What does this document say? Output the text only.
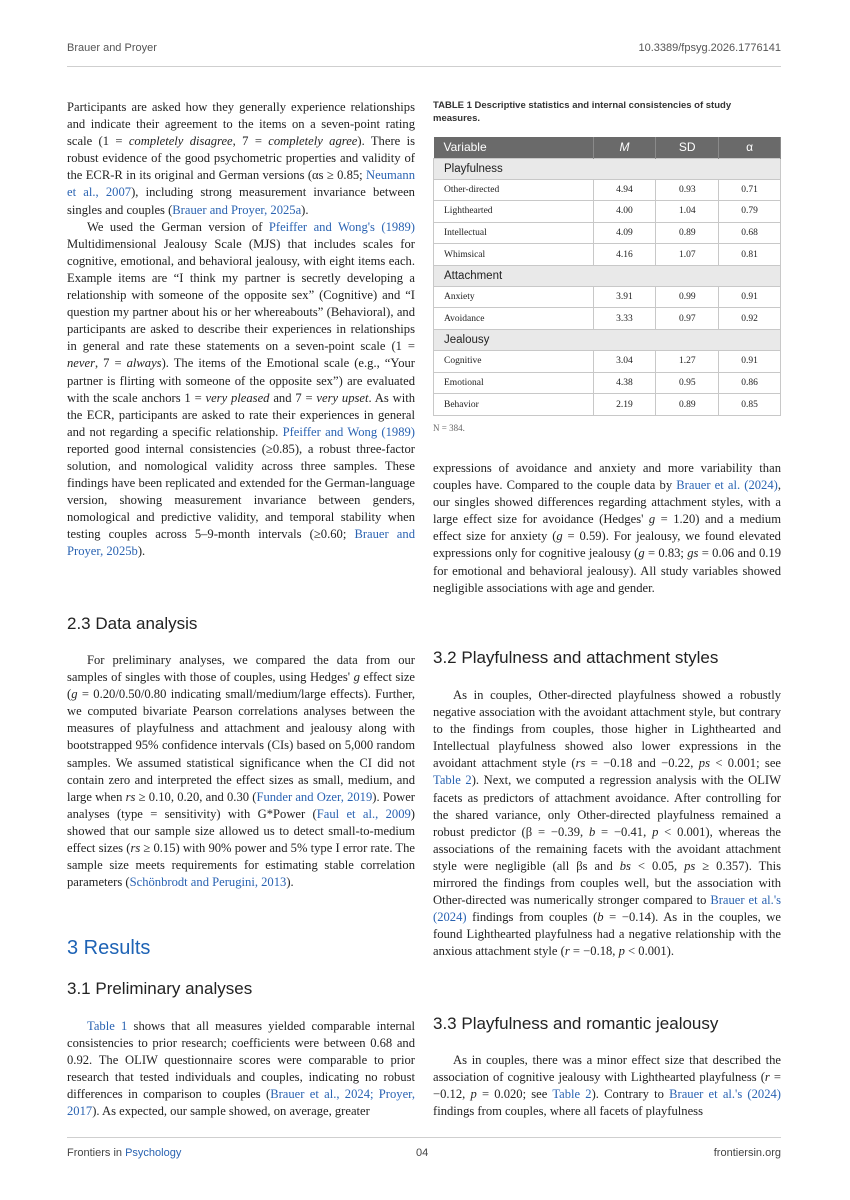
Brauer and Proyer	10.3389/fpsyg.2026.1776141

Participants are asked how they generally experience relationships and indicate their agreement to the items on a seven-point rating scale (1 = completely disagree, 7 = completely agree). There is robust evidence of the good psychometric properties and validity of the ECR-R in its original and German versions (αs ≥ 0.85; Neumann et al., 2007), including strong measurement invariance between singles and couples (Brauer and Proyer, 2025a).

We used the German version of Pfeiffer and Wong's (1989) Multidimensional Jealousy Scale (MJS) that includes scales for cognitive, emotional, and behavioral jealousy, with eight items each. Example items are “I think my partner is secretly developing a relationship with someone of the opposite sex” (Cognitive) and “I question my partner about his or her whereabouts” (Behavioral), and participants are asked to describe their experiences in relationships in general and rate these statements on a seven-point scale (1 = never, 7 = always). The items of the Emotional scale (e.g., “Your partner is flirting with someone of the opposite sex”) are evaluated with the scale anchors 1 = very pleased and 7 = very upset. As with the ECR, participants are asked to rate their experiences in general and not regarding a specific relationship. Pfeiffer and Wong (1989) reported good internal consistencies (≥0.85), a robust three-factor solution, and nomological validity across three samples. These findings have been replicated and extended for the German-language version, showing measurement invariance between genders, nomological and predictive validity, and temporal stability when testing couples across 5–9-month intervals (≥0.60; Brauer and Proyer, 2025b).

2.3 Data analysis

For preliminary analyses, we compared the data from our samples of singles with those of couples, using Hedges' g effect size (g = 0.20/0.50/0.80 indicating small/medium/large effects). Further, we computed bivariate Pearson correlations analyses between the measures of playfulness and attachment and jealousy along with bootstrapped 95% confidence intervals (CIs) based on 5,000 random samples. We assumed statistical significance when the CI did not contain zero and interpreted the effect sizes as small, medium, and large when rs ≥ 0.10, 0.20, and 0.30 (Funder and Ozer, 2019). Power analyses (type = sensitivity) with G*Power (Faul et al., 2009) showed that our sample size allowed us to detect small-to-medium effect sizes (rs ≥ 0.15) with 90% power and 5% type I error rate. The sample size meets requirements for estimating stable correlation parameters (Schönbrodt and Perugini, 2013).

3 Results
3.1 Preliminary analyses

Table 1 shows that all measures yielded comparable internal consistencies to prior research; coefficients were between 0.68 and 0.92. The OLIW questionnaire scores were comparable to prior research that tested individuals and couples, indicating no robust differences in comparison to couples (Brauer et al., 2024; Proyer, 2017). As expected, our sample showed, on average, greater

TABLE 1 Descriptive statistics and internal consistencies of study measures.
Variable	M	SD	α
Playfulness			
Other-directed	4.94	0.93	0.71
Lighthearted	4.00	1.04	0.79
Intellectual	4.09	0.89	0.68
Whimsical	4.16	1.07	0.81
Attachment			
Anxiety	3.91	0.99	0.91
Avoidance	3.33	0.97	0.92
Jealousy			
Cognitive	3.04	1.27	0.91
Emotional	4.38	0.95	0.86
Behavior	2.19	0.89	0.85
N = 384.

expressions of avoidance and anxiety and more variability than couples have. Compared to the couple data by Brauer et al. (2024), our singles showed differences regarding attachment styles, with a large effect size for avoidance (Hedges' g = 1.20) and a medium effect size for anxiety (g = 0.59). For jealousy, we found elevated expressions only for cognitive jealousy (g = 0.83; gs = 0.06 and 0.19 for emotional and behavioral jealousy). All study variables showed negligible associations with age and gender.

3.2 Playfulness and attachment styles

As in couples, Other-directed playfulness showed a robustly negative association with the avoidant attachment style, but contrary to the findings from couples, those higher in Lighthearted and Intellectual playfulness showed also lower expressions in the avoidant attachment style (rs = −0.18 and −0.22, ps < 0.001; see Table 2). Next, we computed a regression analysis with the OLIW facets as predictors of attachment avoidance. After controlling for the shared variance, only Other-directed playfulness remained a robust predictor (β = −0.39, b = −0.41, p < 0.001), whereas the associations of the remaining facets with the avoidant attachment style were negligible (all βs and bs < 0.05, ps ≥ 0.357). This mirrored the findings from couples well, but the association with Other-directed was numerically stronger compared to Brauer et al.'s (2024) findings from couples (b = −0.14). As in the couples, we found Lighthearted playfulness had a negative relationship with the anxious attachment style (r = −0.18, p < 0.001).

3.3 Playfulness and romantic jealousy

As in couples, there was a minor effect size that described the association of cognitive jealousy with Lighthearted playfulness (r = −0.12, p = 0.020; see Table 2). Contrary to Brauer et al.'s (2024) findings from couples, where all facets of playfulness

Frontiers in Psychology	04	frontiersin.org
